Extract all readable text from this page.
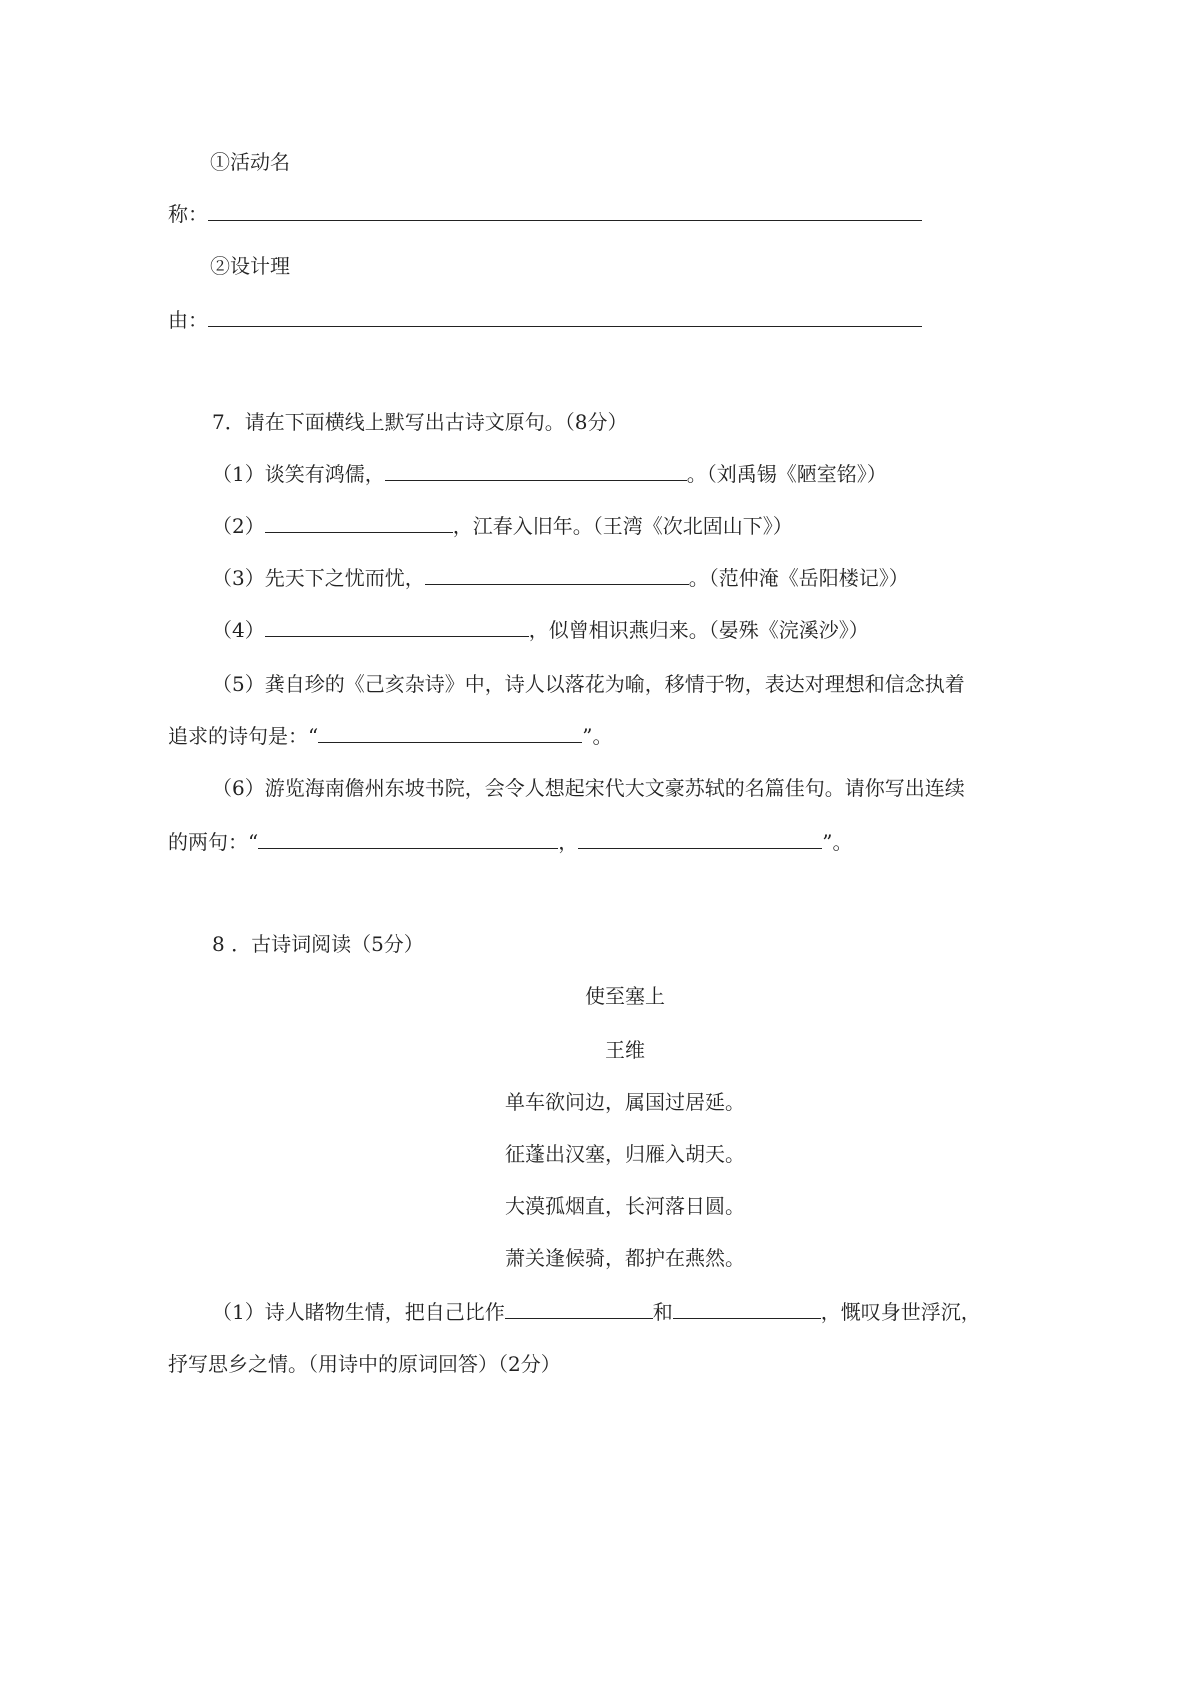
①活动名
称：
②设计理
由：
7．请在下面横线上默写出古诗文原句。（8分）
（1）谈笑有鸿儒，	。（刘禹锡《陋室铭》）
（2）	，江春入旧年。（王湾《次北固山下》）
（3）先天下之忧而忧，	。（范仲淹《岳阳楼记》）
（4）	，似曾相识燕归来。（晏殊《浣溪沙》）
（5）龚自珍的《己亥杂诗》中，诗人以落花为喻，移情于物，表达对理想和信念执着
追求的诗句是：“	”。
（6）游览海南儋州东坡书院，会令人想起宋代大文豪苏轼的名篇佳句。请你写出连续
的两句：“	，	”。
8 ．古诗词阅读（5分）
使至塞上
王维
单车欲问边，属国过居延。
征蓬出汉塞，归雁入胡天。
大漠孤烟直，长河落日圆。
萧关逢候骑，都护在燕然。
（1）诗人睹物生情，把自己比作	和	，慨叹身世浮沉，
抒写思乡之情。（用诗中的原词回答）（2分）
